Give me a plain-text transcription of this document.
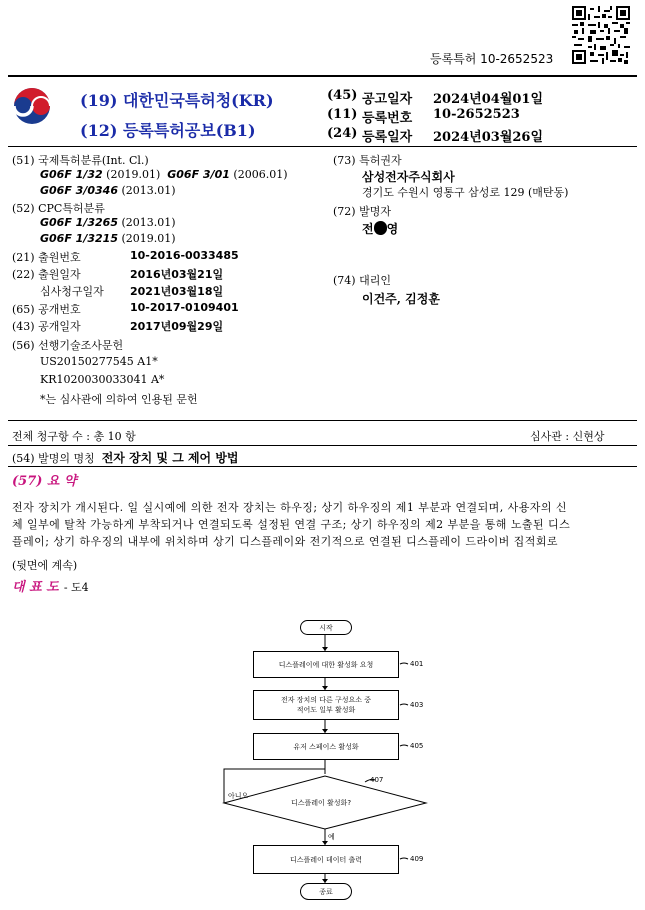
등록특허 10-2652523
(19) 대한민국특허청(KR)
(12) 등록특허공보(B1)
(45) 공고일자 2024년04월01일
(11) 등록번호 10-2652523
(24) 등록일자 2024년03월26일
(51) 국제특허분류(Int. Cl.)
G06F 1/32 (2019.01) G06F 3/01 (2006.01)
G06F 3/0346 (2013.01)
(52) CPC특허분류
G06F 1/3265 (2013.01)
G06F 1/3215 (2019.01)
(21) 출원번호	10-2016-0033485
(22) 출원일자	2016년03월21일
심사청구일자 2021년03월18일
(65) 공개번호	10-2017-0109401
(43) 공개일자	2017년09월29일
(56) 선행기술조사문헌
US20150277545 A1*
KR1020030033041 A*
*는 심사관에 의하여 인용된 문헌
(73) 특허권자
삼성전자주식회사
경기도 수원시 영통구 삼성로 129 (매탄동)
(72) 발명자
전 영
(74) 대리인
이건주, 김정훈
전체 청구항 수 : 총 10 항	심사관 : 신현상
(54) 발명의 명칭 전자 장치 및 그 제어 방법
(57) 요 약
전자 장치가 개시된다. 일 실시예에 의한 전자 장치는 하우징; 상기 하우징의 제1 부분과 연결되며, 사용자의 신
체 일부에 탈착 가능하게 부착되거나 연결되도록 설정된 연결 구조; 상기 하우징의 제2 부분을 통해 노출된 디스
플레이; 상기 하우징의 내부에 위치하며 상기 디스플레이와 전기적으로 연결된 디스플레이 드라이버 집적회로
(뒷면에 계속)
대 표 도 - 도4
시작
디스플레이에 대한 활성화 요청	401
전자 장치의 다른 구성요소 중
적어도 일부 활성화
403
유저 스페이스 활성화	405
디스플레이 활성화?
407
아니오
예
디스플레이 데이터 출력	409
종료
